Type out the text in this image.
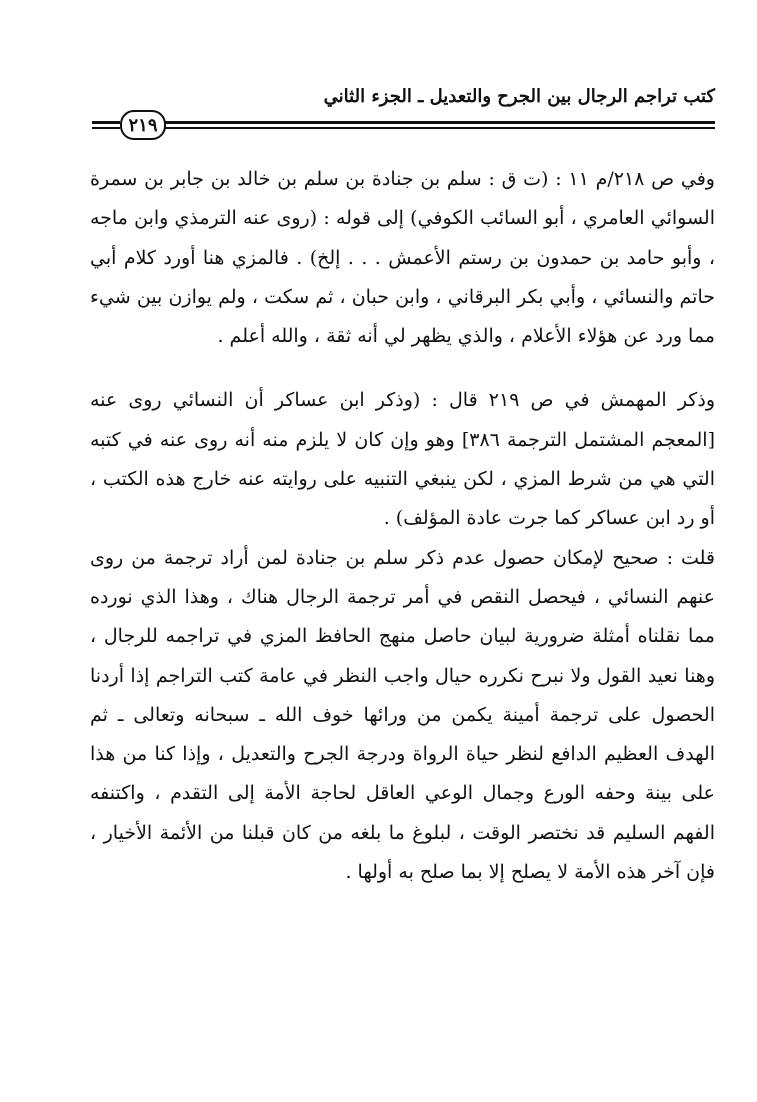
كتب تراجم الرجال بين الجرح والتعديل ـ الجزء الثاني
٢١٩

وفي ص ٢١٨/م ١١ : (ت ق : سلم بن جنادة بن سلم بن خالد بن جابر بن سمرة السوائي العامري ، أبو السائب الكوفي) إلى قوله : (روى عنه الترمذي وابن ماجه ، وأبو حامد بن حمدون بن رستم الأعمش . . . إلخ) . فالمزي هنا أورد كلام أبي حاتم والنسائي ، وأبي بكر البرقاني ، وابن حبان ، ثم سكت ، ولم يوازن بين شيء مما ورد عن هؤلاء الأعلام ، والذي يظهر لي أنه ثقة ، والله أعلم .

وذكر المهمش في ص ٢١٩ قال : (وذكر ابن عساكر أن النسائي روى عنه [المعجم المشتمل الترجمة ٣٨٦] وهو وإن كان لا يلزم منه أنه روى عنه في كتبه التي هي من شرط المزي ، لكن ينبغي التنبيه على روايته عنه خارج هذه الكتب ، أو رد ابن عساكر كما جرت عادة المؤلف) .

قلت : صحيح لإمكان حصول عدم ذكر سلم بن جنادة لمن أراد ترجمة من روى عنهم النسائي ، فيحصل النقص في أمر ترجمة الرجال هناك ، وهذا الذي نورده مما نقلناه أمثلة ضرورية لبيان حاصل منهج الحافظ المزي في تراجمه للرجال ، وهنا نعيد القول ولا نبرح نكرره حيال واجب النظر في عامة كتب التراجم إذا أردنا الحصول على ترجمة أمينة يكمن من ورائها خوف الله ـ سبحانه وتعالى ـ ثم الهدف العظيم الدافع لنظر حياة الرواة ودرجة الجرح والتعديل ، وإذا كنا من هذا على بينة وحفه الورع وجمال الوعي العاقل لحاجة الأمة إلى التقدم ، واكتنفه الفهم السليم قد نختصر الوقت ، لبلوغ ما بلغه من كان قبلنا من الأئمة الأخيار ، فإن آخر هذه الأمة لا يصلح إلا بما صلح به أولها .
